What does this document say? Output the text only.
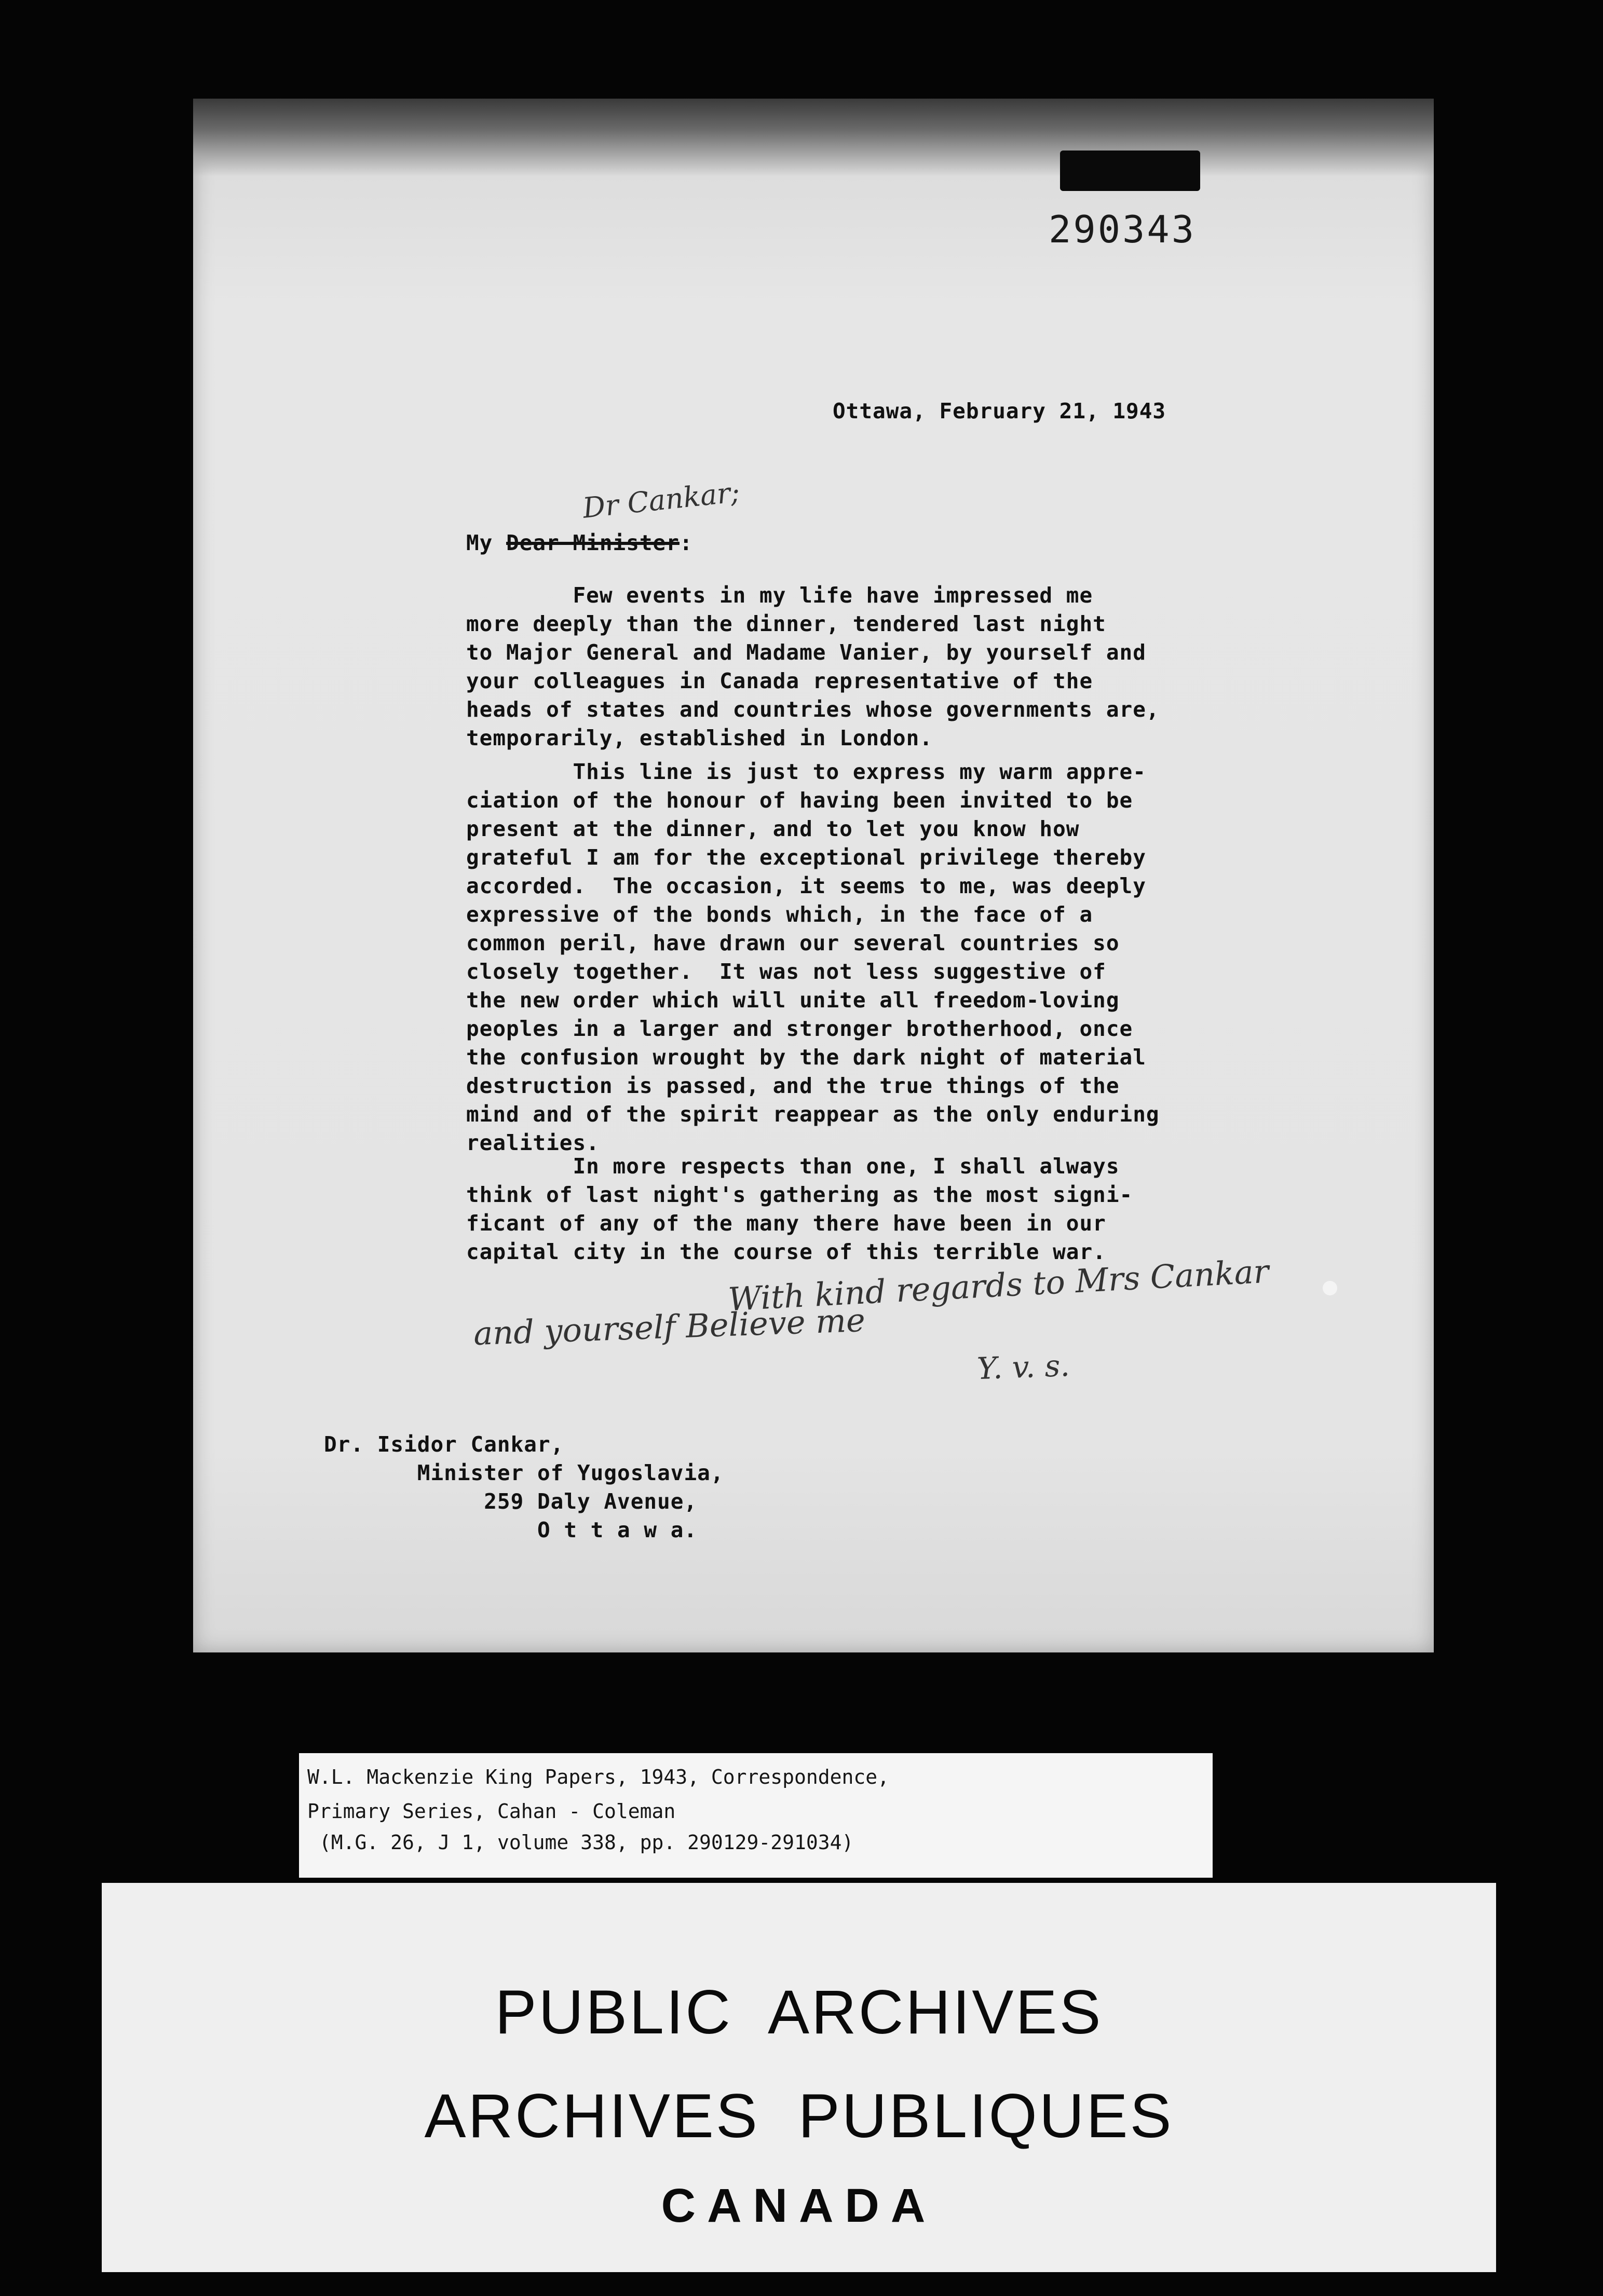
290343
Ottawa, February 21, 1943
Dr Cankar;
My Dear Minister:

Few events in my life have impressed me
more deeply than the dinner, tendered last night
to Major General and Madame Vanier, by yourself and
your colleagues in Canada representative of the
heads of states and countries whose governments are,
temporarily, established in London.

This line is just to express my warm appre-
ciation of the honour of having been invited to be
present at the dinner, and to let you know how
grateful I am for the exceptional privilege thereby
accorded.  The occasion, it seems to me, was deeply
expressive of the bonds which, in the face of a
common peril, have drawn our several countries so
closely together.  It was not less suggestive of
the new order which will unite all freedom-loving
peoples in a larger and stronger brotherhood, once
the confusion wrought by the dark night of material
destruction is passed, and the true things of the
mind and of the spirit reappear as the only enduring
realities.

In more respects than one, I shall always
think of last night's gathering as the most signi-
ficant of any of the many there have been in our
capital city in the course of this terrible war.

With kind regards to Mrs Cankar
and yourself Believe me
Y. v. s.
Dr. Isidor Cankar,
Minister of Yugoslavia,
259 Daly Avenue,
O t t a w a.
W.L. Mackenzie King Papers, 1943, Correspondence,
Primary Series, Cahan - Coleman
(M.G. 26, J 1, volume 338, pp. 290129-291034)
PUBLIC  ARCHIVES
ARCHIVES  PUBLIQUES
CANADA
